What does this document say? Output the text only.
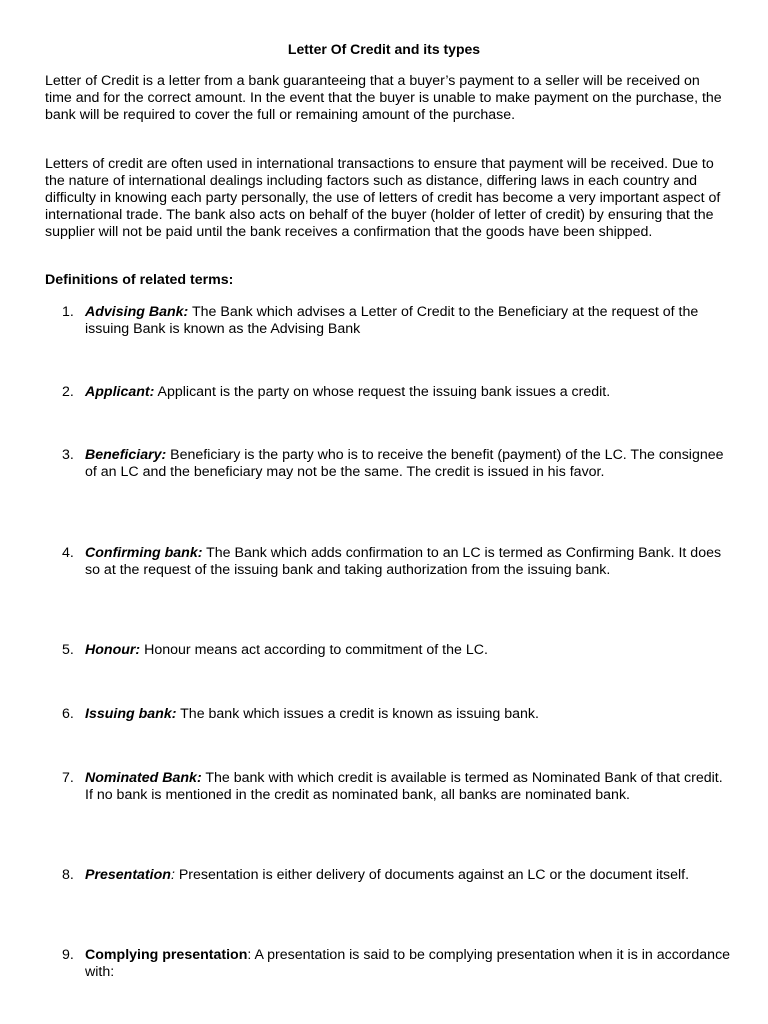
Letter Of Credit and its types

Letter of Credit is a letter from a bank guaranteeing that a buyer’s payment to a seller will be received on time and for the correct amount. In the event that the buyer is unable to make payment on the purchase, the bank will be required to cover the full or remaining amount of the purchase.

Letters of credit are often used in international transactions to ensure that payment will be received. Due to the nature of international dealings including factors such as distance, differing laws in each country and difficulty in knowing each party personally, the use of letters of credit has become a very important aspect of international trade. The bank also acts on behalf of the buyer (holder of letter of credit) by ensuring that the supplier will not be paid until the bank receives a confirmation that the goods have been shipped.

Definitions of related terms:

1. Advising Bank: The Bank which advises a Letter of Credit to the Beneficiary at the request of the issuing Bank is known as the Advising Bank
2. Applicant: Applicant is the party on whose request the issuing bank issues a credit.
3. Beneficiary: Beneficiary is the party who is to receive the benefit (payment) of the LC. The consignee of an LC and the beneficiary may not be the same. The credit is issued in his favor.
4. Confirming bank: The Bank which adds confirmation to an LC is termed as Confirming Bank. It does so at the request of the issuing bank and taking authorization from the issuing bank.
5. Honour: Honour means act according to commitment of the LC.
6. Issuing bank: The bank which issues a credit is known as issuing bank.
7. Nominated Bank: The bank with which credit is available is termed as Nominated Bank of that credit. If no bank is mentioned in the credit as nominated bank, all banks are nominated bank.
8. Presentation: Presentation is either delivery of documents against an LC or the document itself.
9. Complying presentation: A presentation is said to be complying presentation when it is in accordance with:
